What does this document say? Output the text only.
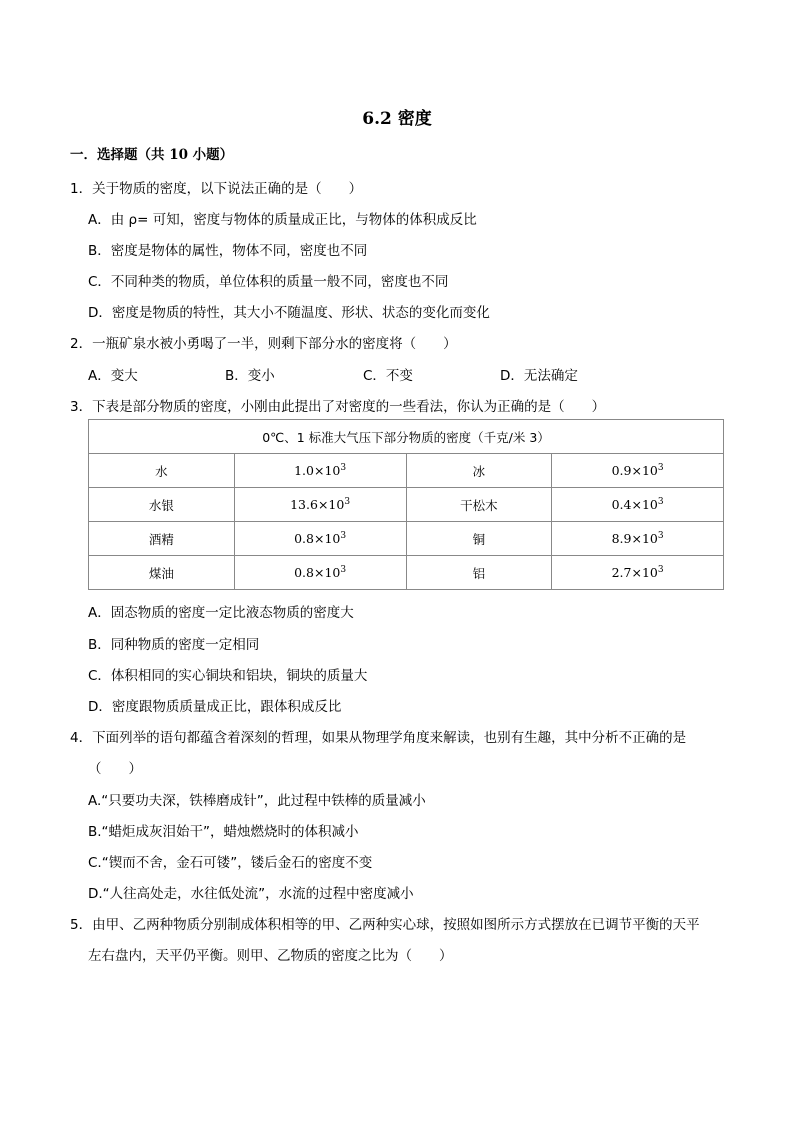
6.2 密度
一．选择题（共 10 小题）
1．关于物质的密度，以下说法正确的是（　　）
A．由 ρ= 可知，密度与物体的质量成正比，与物体的体积成反比
B．密度是物体的属性，物体不同，密度也不同
C．不同种类的物质，单位体积的质量一般不同，密度也不同
D．密度是物质的特性，其大小不随温度、形状、状态的变化而变化
2．一瓶矿泉水被小勇喝了一半，则剩下部分水的密度将（　　）
A．变大	B．变小	C．不变	D．无法确定
3．下表是部分物质的密度，小刚由此提出了对密度的一些看法，你认为正确的是（　　）
0℃、1 标准大气压下部分物质的密度（千克/米 3）			
水	$1.0\times 10^3$	冰	$0.9\times 10^3$
水银	$13.6\times 10^3$	干松木	$0.4\times 10^3$
酒精	$0.8\times 10^3$	铜	$8.9\times 10^3$
煤油	$0.8\times 10^3$	铝	$2.7\times 10^3$
A．固态物质的密度一定比液态物质的密度大
B．同种物质的密度一定相同
C．体积相同的实心铜块和铝块，铜块的质量大
D．密度跟物质质量成正比，跟体积成反比
4．下面列举的语句都蕴含着深刻的哲理，如果从物理学角度来解读，也别有生趣，其中分析不正确的是
（　　）
A.“只要功夫深，铁棒磨成针”，此过程中铁棒的质量减小
B.“蜡炬成灰泪始干”，蜡烛燃烧时的体积减小
C.“锲而不舍，金石可镂”，镂后金石的密度不变
D.“人往高处走，水往低处流”，水流的过程中密度减小
5．由甲、乙两种物质分别制成体积相等的甲、乙两种实心球，按照如图所示方式摆放在已调节平衡的天平
左右盘内，天平仍平衡。则甲、乙物质的密度之比为（　　）
